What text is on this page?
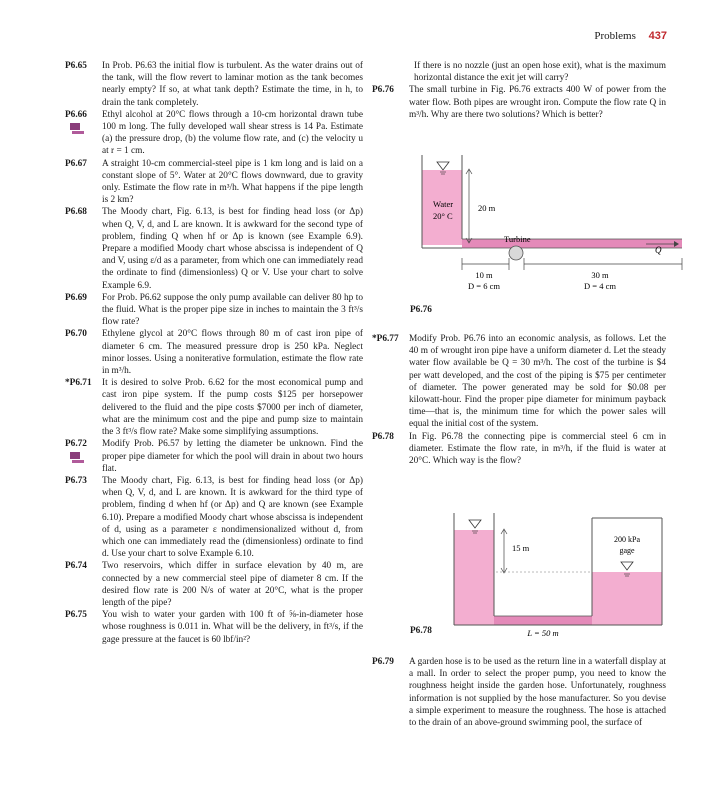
Problems 437
P6.65	In Prob. P6.63 the initial flow is turbulent. As the water drains out of the tank, will the flow revert to laminar motion as the tank becomes nearly empty? If so, at what tank depth? Estimate the time, in h, to drain the tank completely.
P6.66	Ethyl alcohol at 20°C flows through a 10-cm horizontal drawn tube 100 m long. The fully developed wall shear stress is 14 Pa. Estimate (a) the pressure drop, (b) the volume flow rate, and (c) the velocity u at r = 1 cm.
P6.67	A straight 10-cm commercial-steel pipe is 1 km long and is laid on a constant slope of 5°. Water at 20°C flows downward, due to gravity only. Estimate the flow rate in m³/h. What happens if the pipe length is 2 km?
P6.68	The Moody chart, Fig. 6.13, is best for finding head loss (or Δp) when Q, V, d, and L are known. It is awkward for the second type of problem, finding Q when hf or Δp is known (see Example 6.9). Prepare a modified Moody chart whose abscissa is independent of Q and V, using ε/d as a parameter, from which one can immediately read the ordinate to find (dimensionless) Q or V. Use your chart to solve Example 6.9.
P6.69	For Prob. P6.62 suppose the only pump available can deliver 80 hp to the fluid. What is the proper pipe size in inches to maintain the 3 ft³/s flow rate?
P6.70	Ethylene glycol at 20°C flows through 80 m of cast iron pipe of diameter 6 cm. The measured pressure drop is 250 kPa. Neglect minor losses. Using a noniterative formulation, estimate the flow rate in m³/h.
*P6.71	It is desired to solve Prob. 6.62 for the most economical pump and cast iron pipe system. If the pump costs $125 per horsepower delivered to the fluid and the pipe costs $7000 per inch of diameter, what are the minimum cost and the pipe and pump size to maintain the 3 ft³/s flow rate? Make some simplifying assumptions.
P6.72	Modify Prob. P6.57 by letting the diameter be unknown. Find the proper pipe diameter for which the pool will drain in about two hours flat.
P6.73	The Moody chart, Fig. 6.13, is best for finding head loss (or Δp) when Q, V, d, and L are known. It is awkward for the third type of problem, finding d when hf (or Δp) and Q are known (see Example 6.10). Prepare a modified Moody chart whose abscissa is independent of d, using as a parameter ε nondimensionalized without d, from which one can immediately read the (dimensionless) ordinate to find d. Use your chart to solve Example 6.10.
P6.74	Two reservoirs, which differ in surface elevation by 40 m, are connected by a new commercial steel pipe of diameter 8 cm. If the desired flow rate is 200 N/s of water at 20°C, what is the proper length of the pipe?
P6.75	You wish to water your garden with 100 ft of ⅝-in-diameter hose whose roughness is 0.011 in. What will be the delivery, in ft³/s, if the gage pressure at the faucet is 60 lbf/in²?
If there is no nozzle (just an open hose exit), what is the maximum horizontal distance the exit jet will carry?
P6.76	The small turbine in Fig. P6.76 extracts 400 W of power from the water flow. Both pipes are wrought iron. Compute the flow rate Q in m³/h. Why are there two solutions? Which is better?
Water
20° C
20 m
Turbine
Q
10 m
D = 6 cm
30 m
D = 4 cm
P6.76
*P6.77	Modify Prob. P6.76 into an economic analysis, as follows. Let the 40 m of wrought iron pipe have a uniform diameter d. Let the steady water flow available be Q = 30 m³/h. The cost of the turbine is $4 per watt developed, and the cost of the piping is $75 per centimeter of diameter. The power generated may be sold for $0.08 per kilowatt-hour. Find the proper pipe diameter for minimum payback time—that is, the minimum time for which the power sales will equal the initial cost of the system.
P6.78	In Fig. P6.78 the connecting pipe is commercial steel 6 cm in diameter. Estimate the flow rate, in m³/h, if the fluid is water at 20°C. Which way is the flow?
15 m
200 kPa
gage
L = 50 m
P6.78
P6.79	A garden hose is to be used as the return line in a waterfall display at a mall. In order to select the proper pump, you need to know the roughness height inside the garden hose. Unfortunately, roughness information is not supplied by the hose manufacturer. So you devise a simple experiment to measure the roughness. The hose is attached to the drain of an above-ground swimming pool, the surface of
